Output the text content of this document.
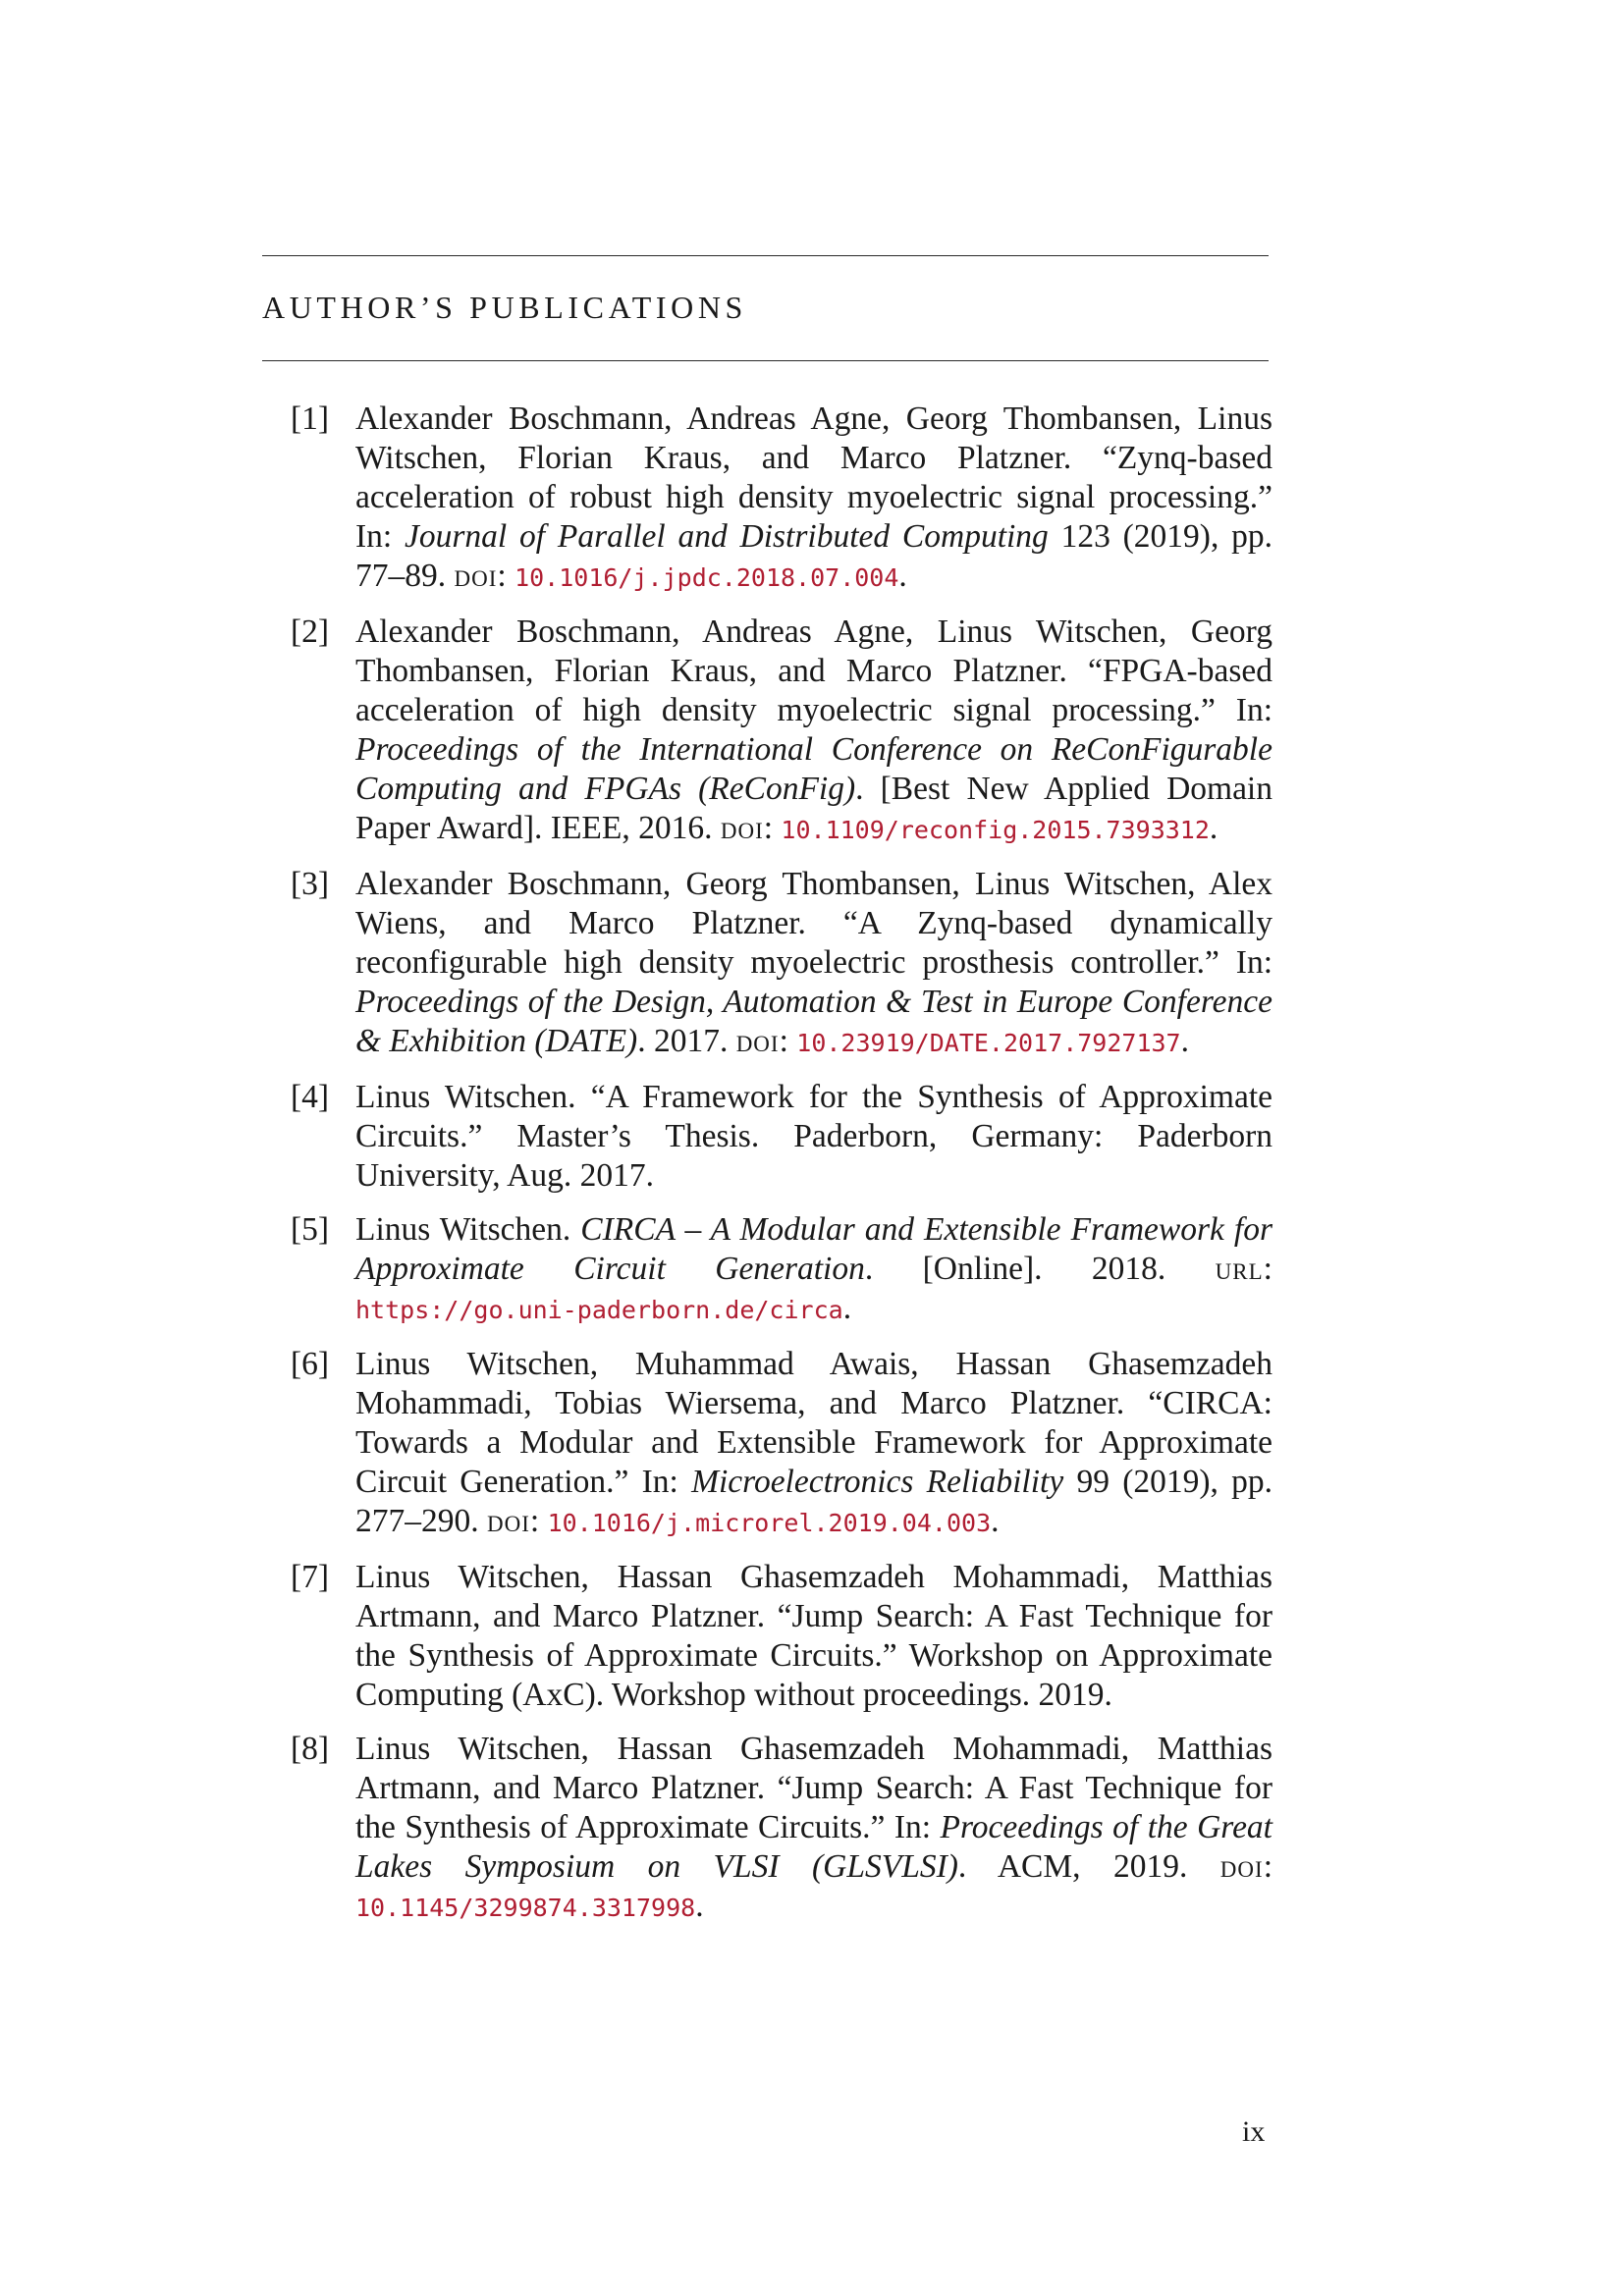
AUTHOR’S PUBLICATIONS
[1] Alexander Boschmann, Andreas Agne, Georg Thombansen, Linus Witschen, Florian Kraus, and Marco Platzner. “Zynq-based acceleration of robust high density myoelectric signal processing.” In: Journal of Parallel and Distributed Computing 123 (2019), pp. 77–89. doi: 10.1016/j.jpdc.2018.07.004.
[2] Alexander Boschmann, Andreas Agne, Linus Witschen, Georg Thombansen, Florian Kraus, and Marco Platzner. “FPGA-based acceleration of high density myoelectric signal processing.” In: Proceedings of the International Conference on ReConFigurable Computing and FPGAs (ReConFig). [Best New Applied Domain Paper Award]. IEEE, 2016. doi: 10.1109/reconfig.2015.7393312.
[3] Alexander Boschmann, Georg Thombansen, Linus Witschen, Alex Wiens, and Marco Platzner. “A Zynq-based dynamically reconfigurable high density myoelectric prosthesis controller.” In: Proceedings of the Design, Automation & Test in Europe Conference & Exhibition (DATE). 2017. doi: 10.23919/DATE.2017.7927137.
[4] Linus Witschen. “A Framework for the Synthesis of Approximate Circuits.” Master’s Thesis. Paderborn, Germany: Paderborn University, Aug. 2017.
[5] Linus Witschen. CIRCA – A Modular and Extensible Framework for Approximate Circuit Generation. [Online]. 2018. url: https://go.uni-paderborn.de/circa.
[6] Linus Witschen, Muhammad Awais, Hassan Ghasemzadeh Mohammadi, Tobias Wiersema, and Marco Platzner. “CIRCA: Towards a Modular and Extensible Framework for Approximate Circuit Generation.” In: Microelectronics Reliability 99 (2019), pp. 277–290. doi: 10.1016/j.microrel.2019.04.003.
[7] Linus Witschen, Hassan Ghasemzadeh Mohammadi, Matthias Artmann, and Marco Platzner. “Jump Search: A Fast Technique for the Synthesis of Approximate Circuits.” Workshop on Approximate Computing (AxC). Workshop without proceedings. 2019.
[8] Linus Witschen, Hassan Ghasemzadeh Mohammadi, Matthias Artmann, and Marco Platzner. “Jump Search: A Fast Technique for the Synthesis of Approximate Circuits.” In: Proceedings of the Great Lakes Symposium on VLSI (GLSVLSI). ACM, 2019. doi: 10.1145/3299874.3317998.
ix
